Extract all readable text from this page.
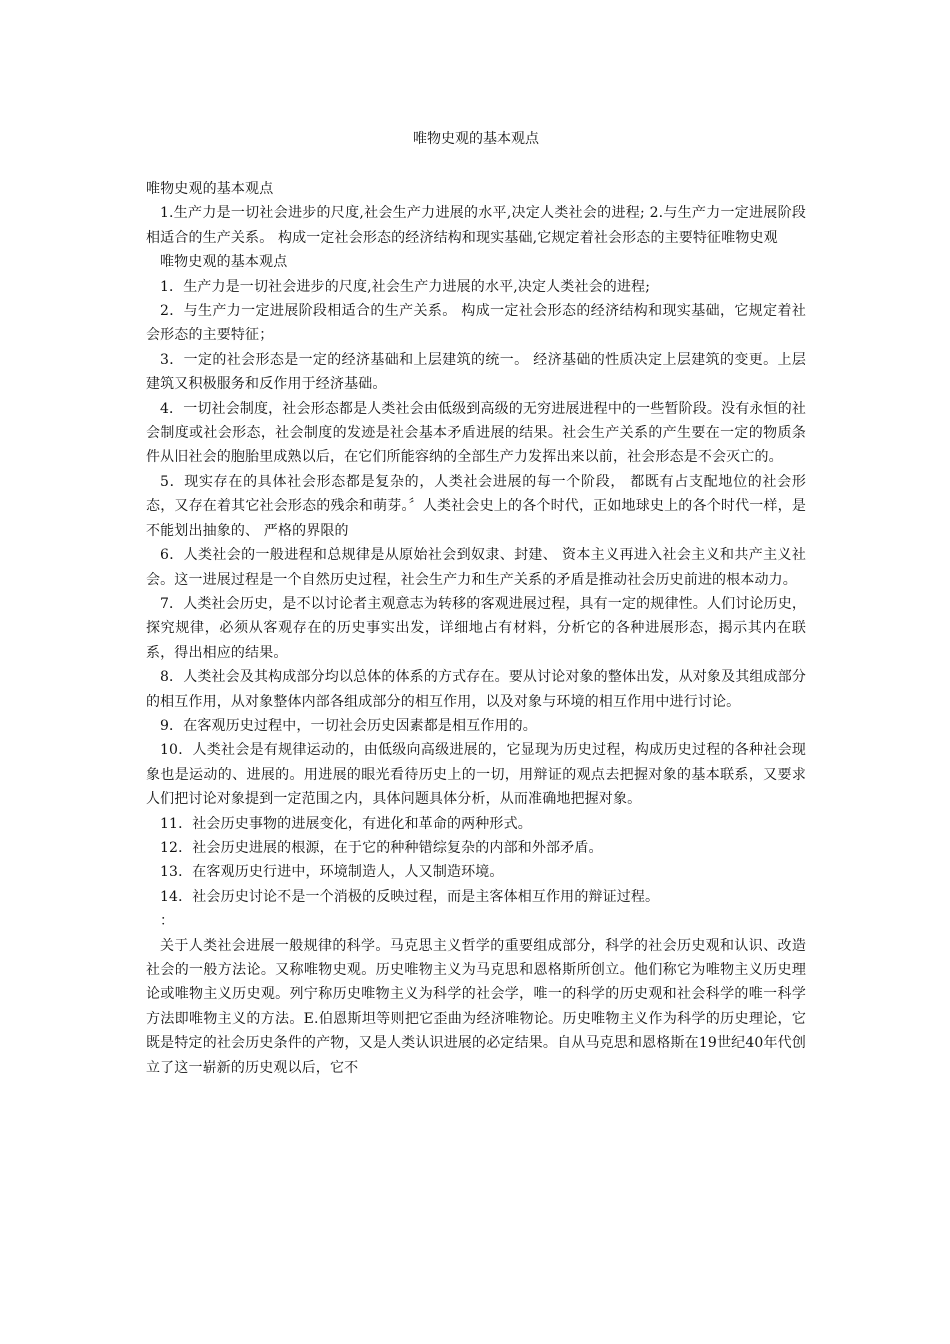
唯物史观的基本观点

唯物史观的基本观点

1.生产力是一切社会进步的尺度,社会生产力进展的水平,决定人类社会的进程; 2.与生产力一定进展阶段相适合的生产关系。 构成一定社会形态的经济结构和现实基础,它规定着社会形态的主要特征唯物史观

唯物史观的基本观点

1．生产力是一切社会进步的尺度,社会生产力进展的水平,决定人类社会的进程;

2．与生产力一定进展阶段相适合的生产关系。 构成一定社会形态的经济结构和现实基础，它规定着社会形态的主要特征；

3．一定的社会形态是一定的经济基础和上层建筑的统一。 经济基础的性质决定上层建筑的变更。上层建筑又积极服务和反作用于经济基础。

4．一切社会制度，社会形态都是人类社会由低级到高级的无穷进展进程中的一些暂阶段。没有永恒的社会制度或社会形态，社会制度的发迹是社会基本矛盾进展的结果。社会生产关系的产生要在一定的物质条件从旧社会的胞胎里成熟以后，在它们所能容纳的全部生产力发挥出来以前，社会形态是不会灭亡的。

5．现实存在的具体社会形态都是复杂的，人类社会进展的每一个阶段， 都既有占支配地位的社会形态，又存在着其它社会形态的残余和萌芽。〞人类社会史上的各个时代，正如地球史上的各个时代一样，是不能划出抽象的、 严格的界限的

6．人类社会的一般进程和总规律是从原始社会到奴隶、封建、 资本主义再进入社会主义和共产主义社会。这一进展过程是一个自然历史过程，社会生产力和生产关系的矛盾是推动社会历史前进的根本动力。

7．人类社会历史，是不以讨论者主观意志为转移的客观进展过程，具有一定的规律性。人们讨论历史，探究规律，必须从客观存在的历史事实出发，详细地占有材料，分析它的各种进展形态，揭示其内在联系，得出相应的结果。

8．人类社会及其构成部分均以总体的体系的方式存在。要从讨论对象的整体出发，从对象及其组成部分的相互作用，从对象整体内部各组成部分的相互作用，以及对象与环境的相互作用中进行讨论。

9．在客观历史过程中，一切社会历史因素都是相互作用的。

10．人类社会是有规律运动的，由低级向高级进展的，它显现为历史过程，构成历史过程的各种社会现象也是运动的、进展的。用进展的眼光看待历史上的一切，用辩证的观点去把握对象的基本联系，又要求人们把讨论对象提到一定范围之内，具体问题具体分析，从而准确地把握对象。

11．社会历史事物的进展变化，有进化和革命的两种形式。

12．社会历史进展的根源，在于它的种种错综复杂的内部和外部矛盾。

13．在客观历史行进中，环境制造人，人又制造环境。

14．社会历史讨论不是一个消极的反映过程，而是主客体相互作用的辩证过程。

：

关于人类社会进展一般规律的科学。马克思主义哲学的重要组成部分，科学的社会历史观和认识、改造社会的一般方法论。又称唯物史观。历史唯物主义为马克思和恩格斯所创立。他们称它为唯物主义历史理论或唯物主义历史观。列宁称历史唯物主义为科学的社会学，唯一的科学的历史观和社会科学的唯一科学方法即唯物主义的方法。E.伯恩斯坦等则把它歪曲为经济唯物论。历史唯物主义作为科学的历史理论，它既是特定的社会历史条件的产物，又是人类认识进展的必定结果。自从马克思和恩格斯在19世纪40年代创立了这一崭新的历史观以后，它不
